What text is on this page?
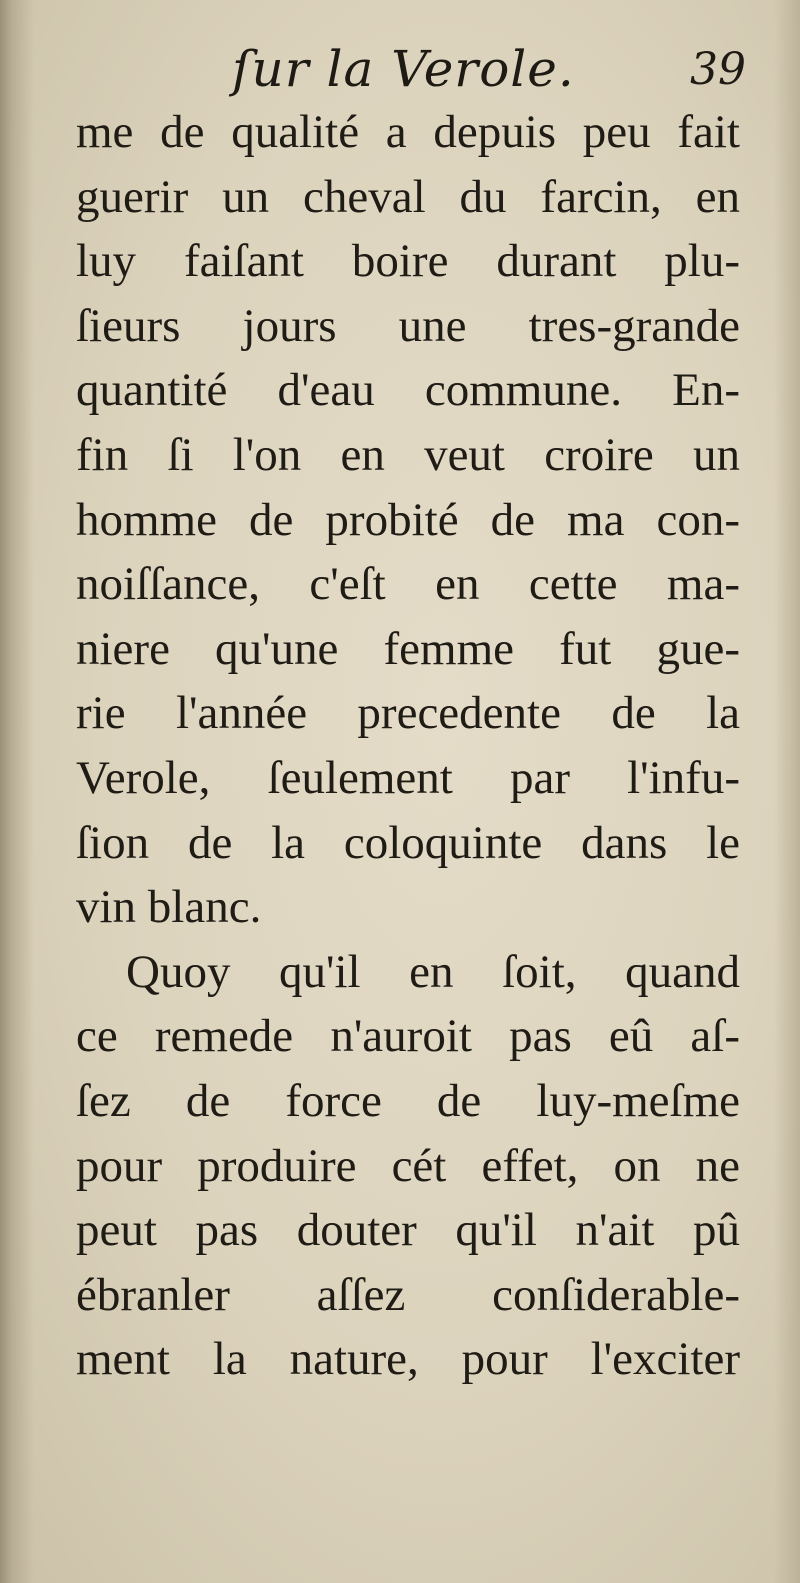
ſur la Verole.	39
me de qualité a depuis peu fait
guerir un cheval du farcin, en
luy faiſant boire durant plu-
ſieurs jours une tres-grande
quantité d'eau commune. En-
fin ſi l'on en veut croire un
homme de probité de ma con-
noiſſance, c'eſt en cette ma-
niere qu'une femme fut gue-
rie l'année precedente de la
Verole, ſeulement par l'infu-
ſion de la coloquinte dans le
vin blanc.
Quoy qu'il en ſoit, quand
ce remede n'auroit pas eû aſ-
ſez de force de luy-meſme
pour produire cét effet, on ne
peut pas douter qu'il n'ait pû
ébranler aſſez conſiderable-
ment la nature, pour l'exciter
